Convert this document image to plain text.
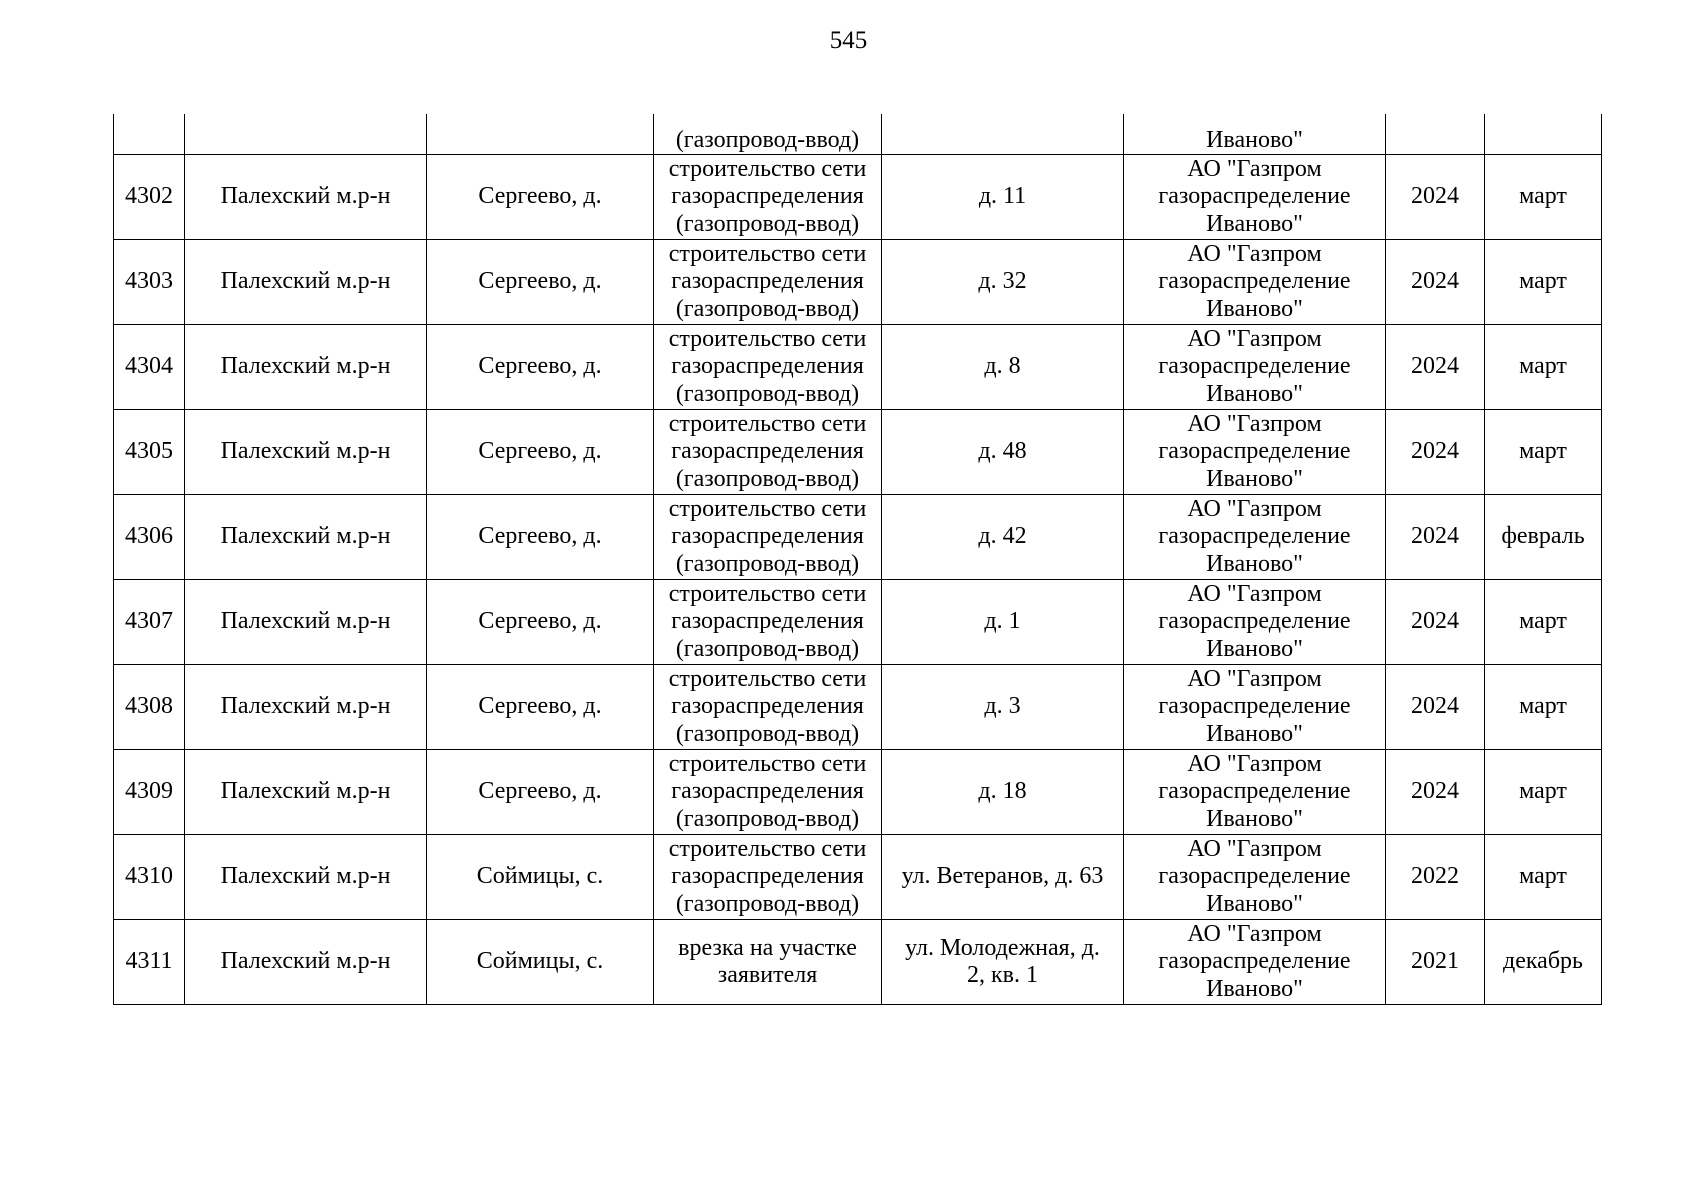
545

			(газопровод-ввод)		Иваново"		

4302	Палехский м.р-н	Сергеево, д.	строительство сети
газораспределения
(газопровод-ввод)	д. 11	АО "Газпром
газораспределение
Иваново"	2024	март
4303	Палехский м.р-н	Сергеево, д.	строительство сети
газораспределения
(газопровод-ввод)	д. 32	АО "Газпром
газораспределение
Иваново"	2024	март
4304	Палехский м.р-н	Сергеево, д.	строительство сети
газораспределения
(газопровод-ввод)	д. 8	АО "Газпром
газораспределение
Иваново"	2024	март
4305	Палехский м.р-н	Сергеево, д.	строительство сети
газораспределения
(газопровод-ввод)	д. 48	АО "Газпром
газораспределение
Иваново"	2024	март
4306	Палехский м.р-н	Сергеево, д.	строительство сети
газораспределения
(газопровод-ввод)	д. 42	АО "Газпром
газораспределение
Иваново"	2024	февраль
4307	Палехский м.р-н	Сергеево, д.	строительство сети
газораспределения
(газопровод-ввод)	д. 1	АО "Газпром
газораспределение
Иваново"	2024	март
4308	Палехский м.р-н	Сергеево, д.	строительство сети
газораспределения
(газопровод-ввод)	д. 3	АО "Газпром
газораспределение
Иваново"	2024	март
4309	Палехский м.р-н	Сергеево, д.	строительство сети
газораспределения
(газопровод-ввод)	д. 18	АО "Газпром
газораспределение
Иваново"	2024	март
4310	Палехский м.р-н	Соймицы, с.	строительство сети
газораспределения
(газопровод-ввод)	ул. Ветеранов, д. 63	АО "Газпром
газораспределение
Иваново"	2022	март
4311	Палехский м.р-н	Соймицы, с.	врезка на участке
заявителя	ул. Молодежная, д.
2, кв. 1	АО "Газпром
газораспределение
Иваново"	2021	декабрь
